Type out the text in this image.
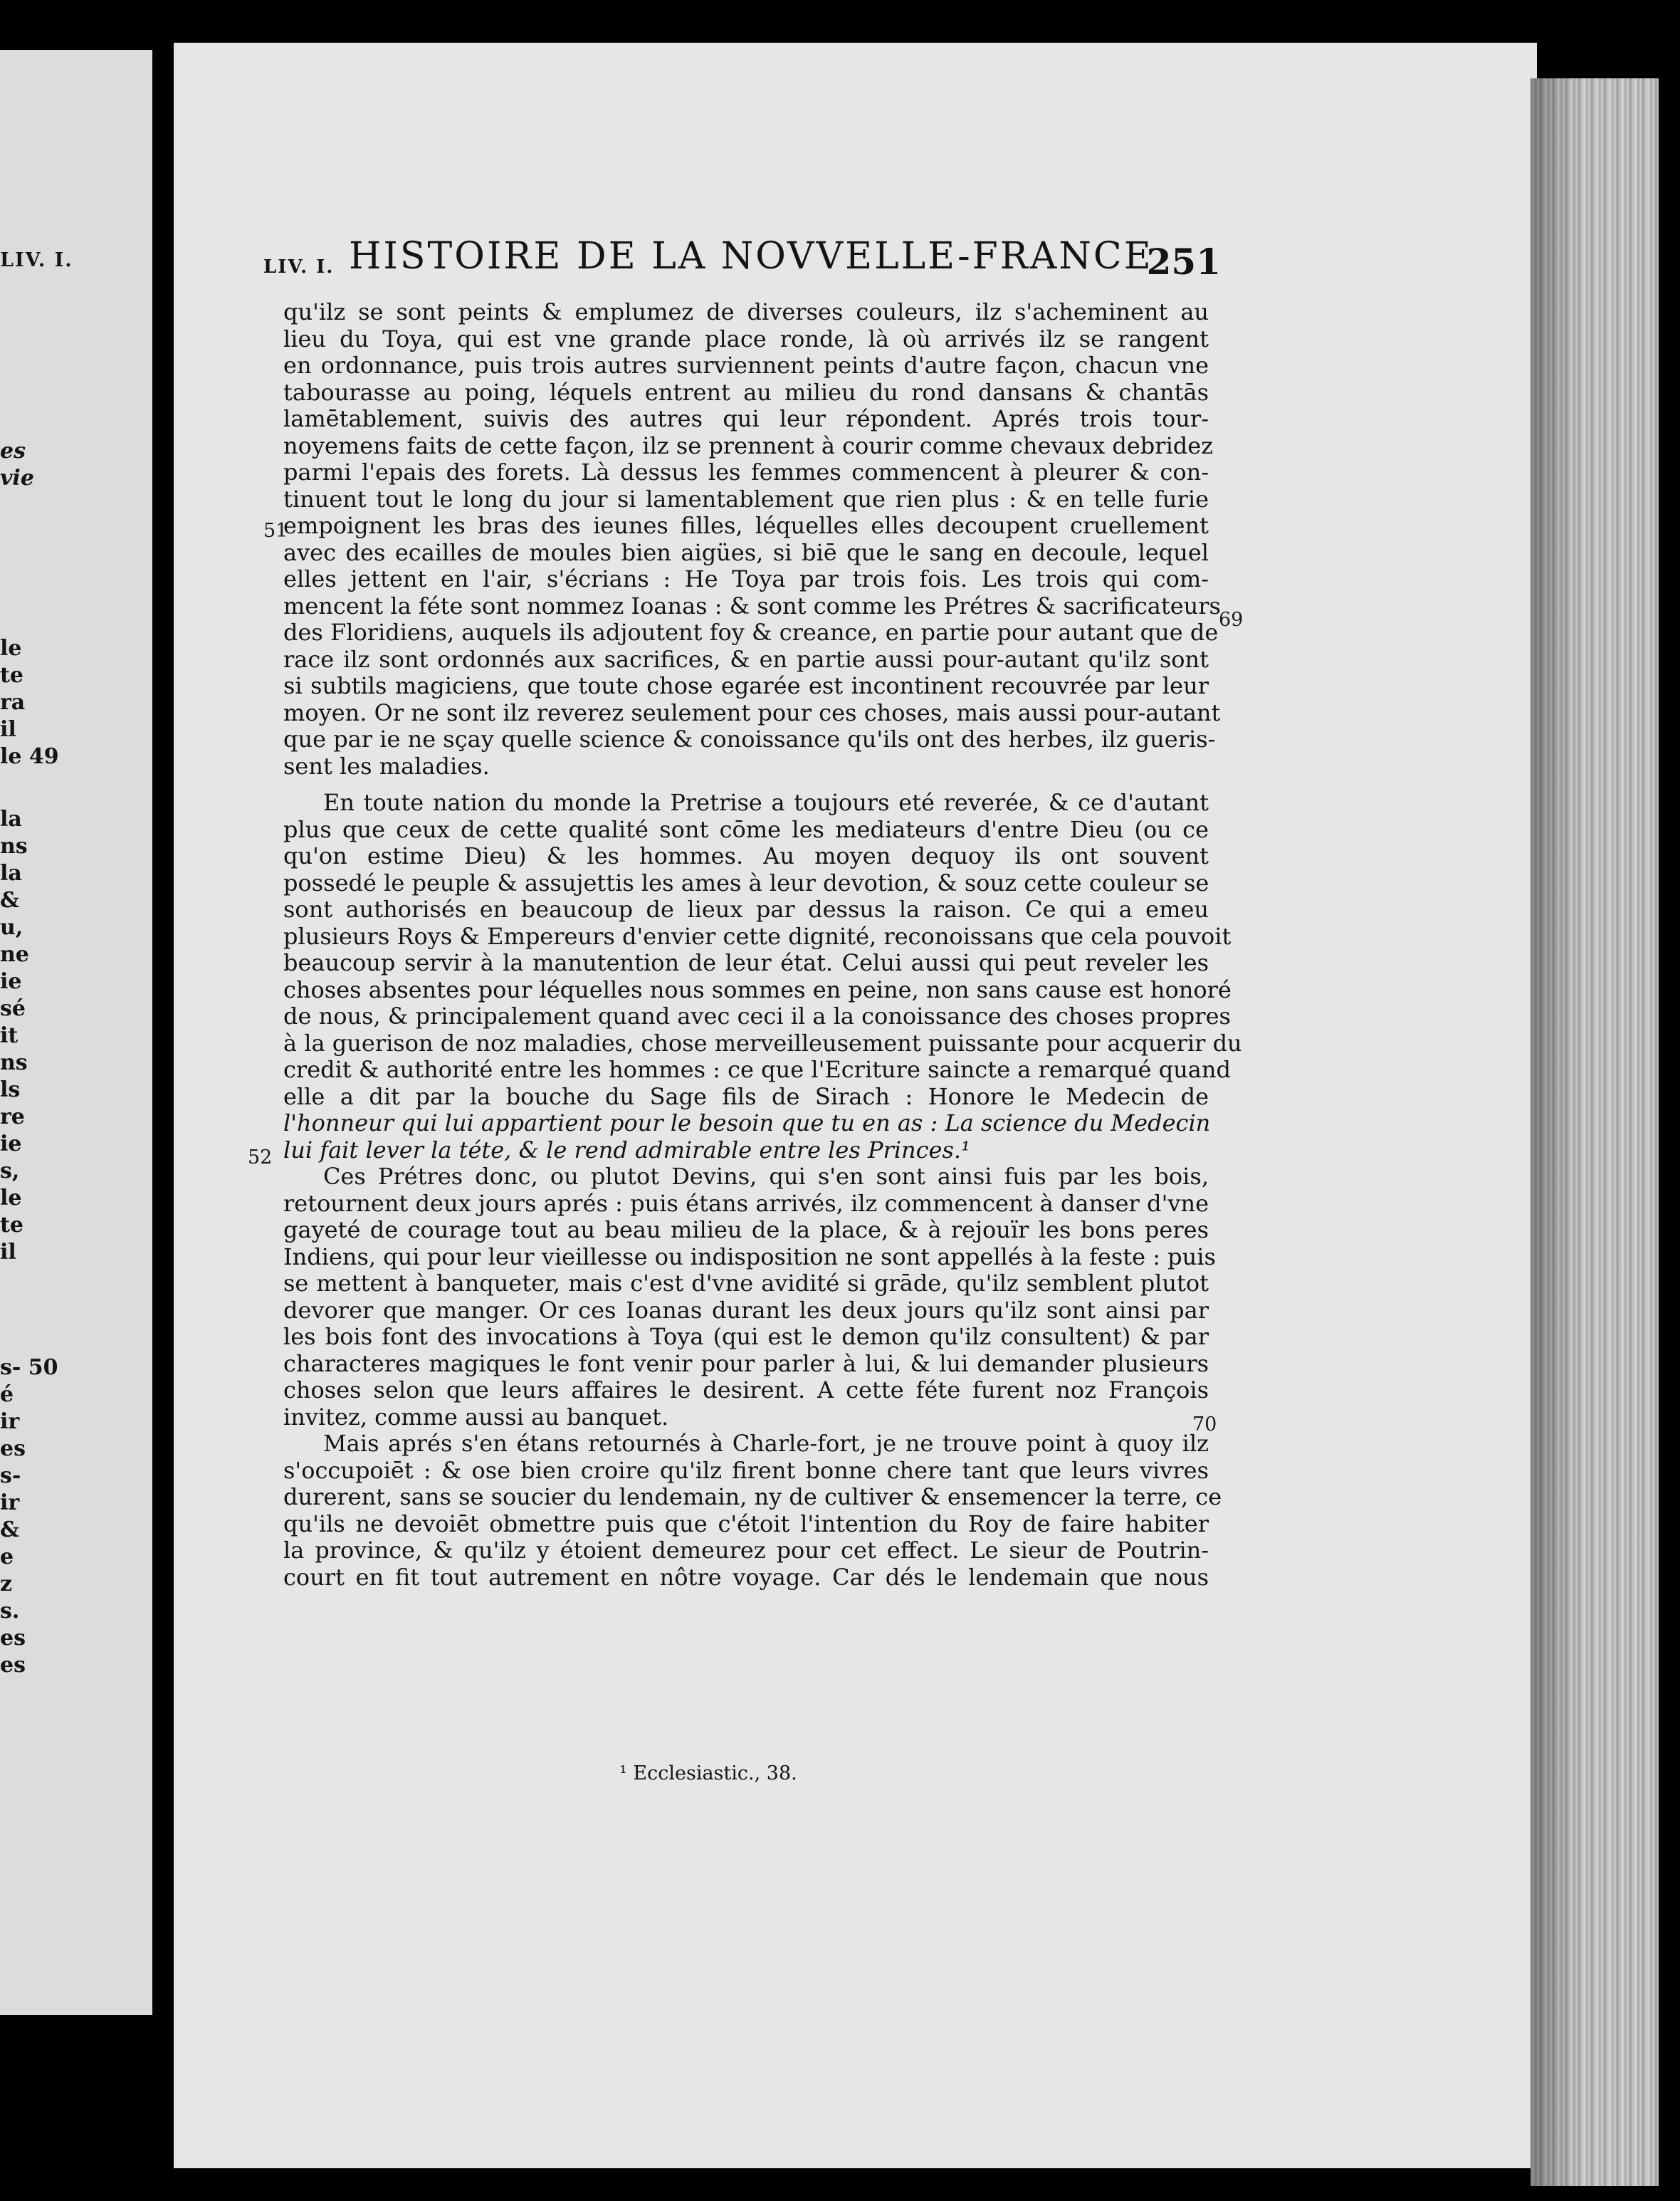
LIV. I.
es
vie
le
te
ra
il
le 49
la
ns
la
&
u,
ne
ie
sé
it
ns
ls
re
ie
s,
le
te
il
s- 50
é
ir
es
s-
ir
&
e
z
s.
es
es
LIV. I. HISTOIRE DE LA NOVVELLE-FRANCE
251
51
69
52
70
qu'ilz se sont peints & emplumez de diverses couleurs, ilz s'acheminent au
lieu du Toya, qui est vne grande place ronde, là où arrivés ilz se rangent
en ordonnance, puis trois autres surviennent peints d'autre façon, chacun vne
tabourasse au poing, léquels entrent au milieu du rond dansans & chantās
lamētablement, suivis des autres qui leur répondent. Aprés trois tour-
noyemens faits de cette façon, ilz se prennent à courir comme chevaux debridez
parmi l'epais des forets. Là dessus les femmes commencent à pleurer & con-
tinuent tout le long du jour si lamentablement que rien plus : & en telle furie
empoignent les bras des ieunes filles, léquelles elles decoupent cruellement
avec des ecailles de moules bien aigües, si biē que le sang en decoule, lequel
elles jettent en l'air, s'écrians : He Toya par trois fois. Les trois qui com-
mencent la féte sont nommez Ioanas : & sont comme les Prétres & sacrificateurs
des Floridiens, auquels ils adjoutent foy & creance, en partie pour autant que de
race ilz sont ordonnés aux sacrifices, & en partie aussi pour-autant qu'ilz sont
si subtils magiciens, que toute chose egarée est incontinent recouvrée par leur
moyen. Or ne sont ilz reverez seulement pour ces choses, mais aussi pour-autant
que par ie ne sçay quelle science & conoissance qu'ils ont des herbes, ilz gueris-
sent les maladies.
En toute nation du monde la Pretrise a toujours eté reverée, & ce d'autant
plus que ceux de cette qualité sont cōme les mediateurs d'entre Dieu (ou ce
qu'on estime Dieu) & les hommes. Au moyen dequoy ils ont souvent
possedé le peuple & assujettis les ames à leur devotion, & souz cette couleur se
sont authorisés en beaucoup de lieux par dessus la raison. Ce qui a emeu
plusieurs Roys & Empereurs d'envier cette dignité, reconoissans que cela pouvoit
beaucoup servir à la manutention de leur état. Celui aussi qui peut reveler les
choses absentes pour léquelles nous sommes en peine, non sans cause est honoré
de nous, & principalement quand avec ceci il a la conoissance des choses propres
à la guerison de noz maladies, chose merveilleusement puissante pour acquerir du
credit & authorité entre les hommes : ce que l'Ecriture saincte a remarqué quand
elle a dit par la bouche du Sage fils de Sirach : Honore le Medecin de
l'honneur qui lui appartient pour le besoin que tu en as : La science du Medecin
lui fait lever la téte, & le rend admirable entre les Princes.¹
Ces Prétres donc, ou plutot Devins, qui s'en sont ainsi fuis par les bois,
retournent deux jours aprés : puis étans arrivés, ilz commencent à danser d'vne
gayeté de courage tout au beau milieu de la place, & à rejouïr les bons peres
Indiens, qui pour leur vieillesse ou indisposition ne sont appellés à la feste : puis
se mettent à banqueter, mais c'est d'vne avidité si grāde, qu'ilz semblent plutot
devorer que manger. Or ces Ioanas durant les deux jours qu'ilz sont ainsi par
les bois font des invocations à Toya (qui est le demon qu'ilz consultent) & par
characteres magiques le font venir pour parler à lui, & lui demander plusieurs
choses selon que leurs affaires le desirent. A cette féte furent noz François
invitez, comme aussi au banquet.
Mais aprés s'en étans retournés à Charle-fort, je ne trouve point à quoy ilz
s'occupoiēt : & ose bien croire qu'ilz firent bonne chere tant que leurs vivres
durerent, sans se soucier du lendemain, ny de cultiver & ensemencer la terre, ce
qu'ils ne devoiēt obmettre puis que c'étoit l'intention du Roy de faire habiter
la province, & qu'ilz y étoient demeurez pour cet effect. Le sieur de Poutrin-
court en fit tout autrement en nôtre voyage. Car dés le lendemain que nous
¹ Ecclesiastic., 38.
